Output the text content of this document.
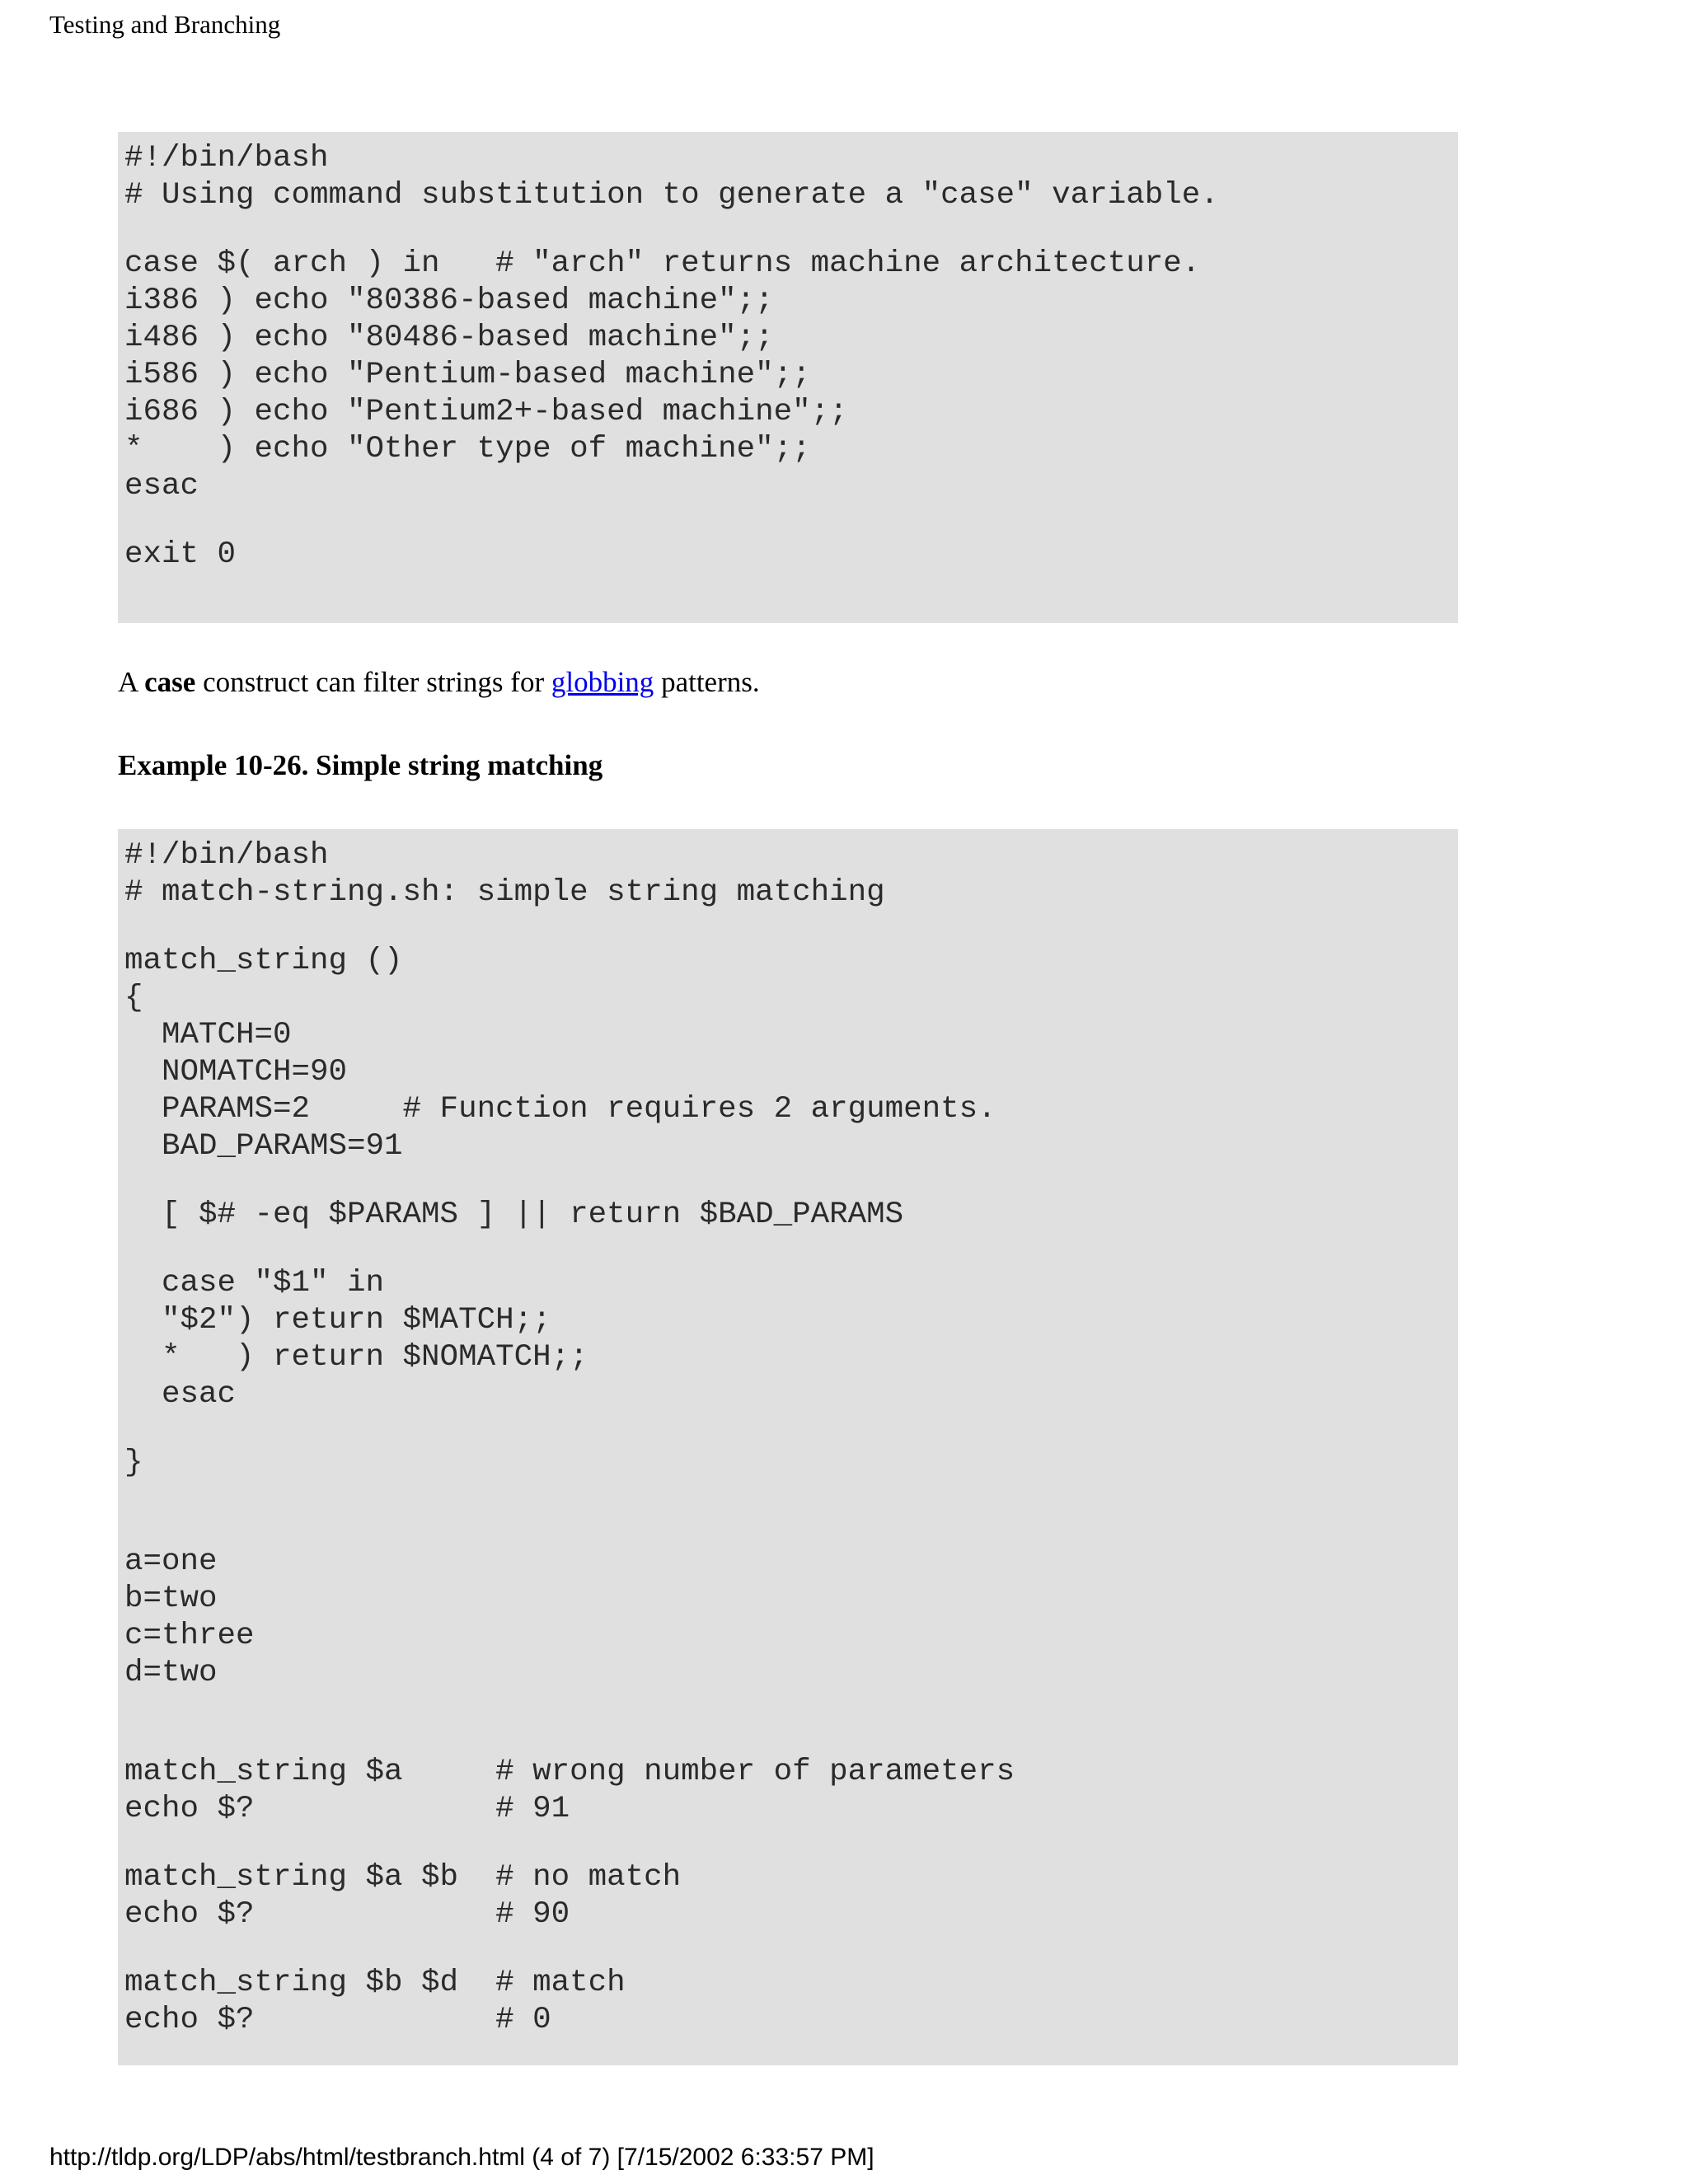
Testing and Branching
#!/bin/bash
# Using command substitution to generate a "case" variable.
case $( arch ) in   # "arch" returns machine architecture.
i386 ) echo "80386-based machine";;
i486 ) echo "80486-based machine";;
i586 ) echo "Pentium-based machine";;
i686 ) echo "Pentium2+-based machine";;
*    ) echo "Other type of machine";;
esac
exit 0
A case construct can filter strings for globbing patterns.
Example 10-26. Simple string matching
#!/bin/bash
# match-string.sh: simple string matching
match_string ()
{
MATCH=0
NOMATCH=90
PARAMS=2     # Function requires 2 arguments.
BAD_PARAMS=91
[ $# -eq $PARAMS ] || return $BAD_PARAMS
case "$1" in
"$2") return $MATCH;;
*   ) return $NOMATCH;;
esac
}
a=one
b=two
c=three
d=two
match_string $a     # wrong number of parameters
echo $?             # 91
match_string $a $b  # no match
echo $?             # 90
match_string $b $d  # match
echo $?             # 0
http://tldp.org/LDP/abs/html/testbranch.html (4 of 7) [7/15/2002 6:33:57 PM]
